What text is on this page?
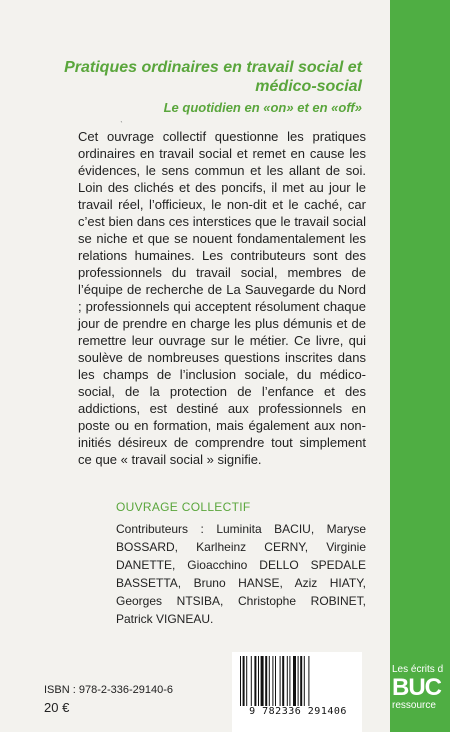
Pratiques ordinaires en travail social et médico-social
Le quotidien en «on» et en «off»
ˋ

Cet ouvrage collectif questionne les pratiques ordinaires en travail social et remet en cause les évidences, le sens commun et les allant de soi. Loin des clichés et des poncifs, il met au jour le travail réel, l’officieux, le non-dit et le caché, car c’est bien dans ces interstices que le travail social se niche et que se nouent fondamentalement les relations humaines. Les contributeurs sont des professionnels du travail social, membres de l’équipe de recherche de La Sauvegarde du Nord ; professionnels qui acceptent résolument chaque jour de prendre en charge les plus démunis et de remettre leur ouvrage sur le métier. Ce livre, qui soulève de nombreuses questions inscrites dans les champs de l’inclusion sociale, du médico-social, de la protection de l’enfance et des addictions, est destiné aux professionnels en poste ou en formation, mais également aux non-initiés désireux de comprendre tout simplement ce que « travail social » signifie.

OUVRAGE COLLECTIF

Contributeurs : Luminita BACIU, Maryse BOSSARD, Karlheinz CERNY, Virginie DANETTE, Gioacchino DELLO SPEDALE BASSETTA, Bruno HANSE, Aziz HIATY, Georges NTSIBA, Christophe ROBINET, Patrick VIGNEAU.

ISBN : 978-2-336-29140-6
20 €	9 782336 291406
Les écrits d
BUC
ressource
